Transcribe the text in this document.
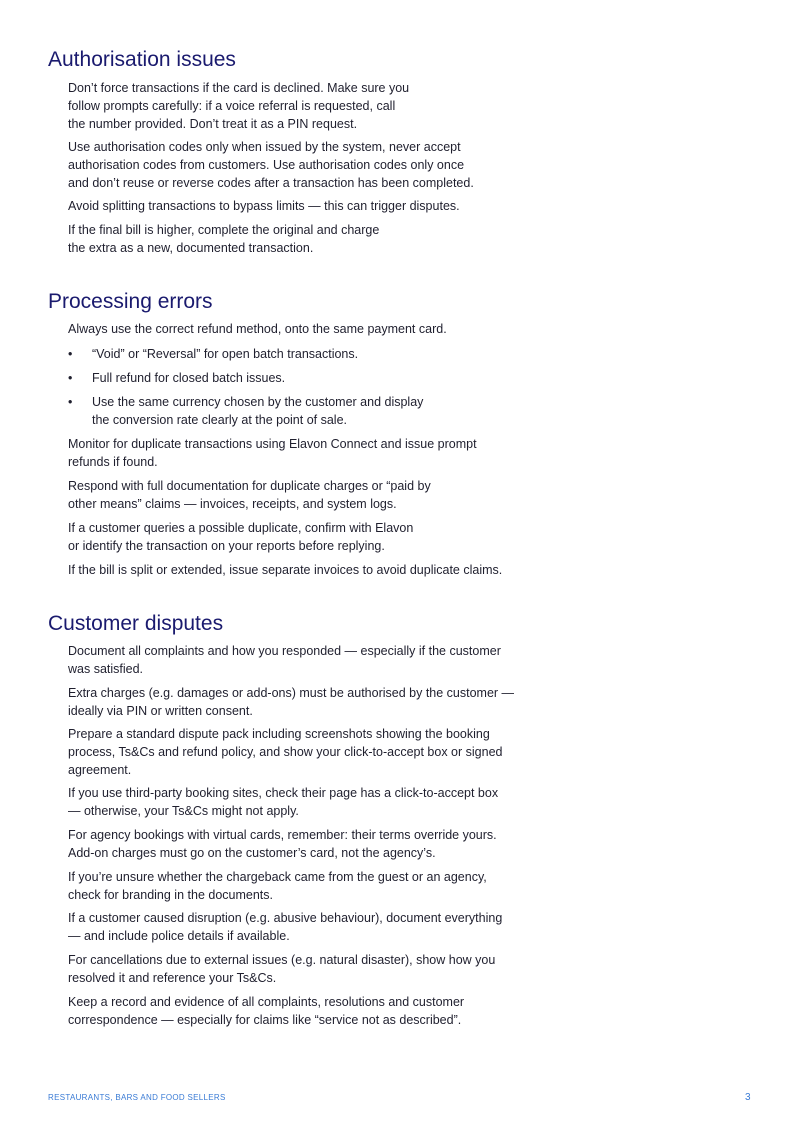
Authorisation issues

Don’t force transactions if the card is declined. Make sure you
follow prompts carefully: if a voice referral is requested, call
the number provided. Don’t treat it as a PIN request.

Use authorisation codes only when issued by the system, never accept
authorisation codes from customers. Use authorisation codes only once
and don’t reuse or reverse codes after a transaction has been completed.

Avoid splitting transactions to bypass limits — this can trigger disputes.

If the final bill is higher, complete the original and charge
the extra as a new, documented transaction.

Processing errors

Always use the correct refund method, onto the same payment card.

• “Void” or “Reversal” for open batch transactions.
• Full refund for closed batch issues.
• Use the same currency chosen by the customer and display
the conversion rate clearly at the point of sale.

Monitor for duplicate transactions using Elavon Connect and issue prompt
refunds if found.

Respond with full documentation for duplicate charges or “paid by
other means” claims — invoices, receipts, and system logs.

If a customer queries a possible duplicate, confirm with Elavon
or identify the transaction on your reports before replying.

If the bill is split or extended, issue separate invoices to avoid duplicate claims.

Customer disputes

Document all complaints and how you responded — especially if the customer
was satisfied.

Extra charges (e.g. damages or add-ons) must be authorised by the customer —
ideally via PIN or written consent.

Prepare a standard dispute pack including screenshots showing the booking
process, Ts&Cs and refund policy, and show your click-to-accept box or signed
agreement.

If you use third-party booking sites, check their page has a click-to-accept box
— otherwise, your Ts&Cs might not apply.

For agency bookings with virtual cards, remember: their terms override yours.
Add-on charges must go on the customer’s card, not the agency’s.

If you’re unsure whether the chargeback came from the guest or an agency,
check for branding in the documents.

If a customer caused disruption (e.g. abusive behaviour), document everything
— and include police details if available.

For cancellations due to external issues (e.g. natural disaster), show how you
resolved it and reference your Ts&Cs.

Keep a record and evidence of all complaints, resolutions and customer
correspondence — especially for claims like “service not as described”.

RESTAURANTS, BARS AND FOOD SELLERS	3
